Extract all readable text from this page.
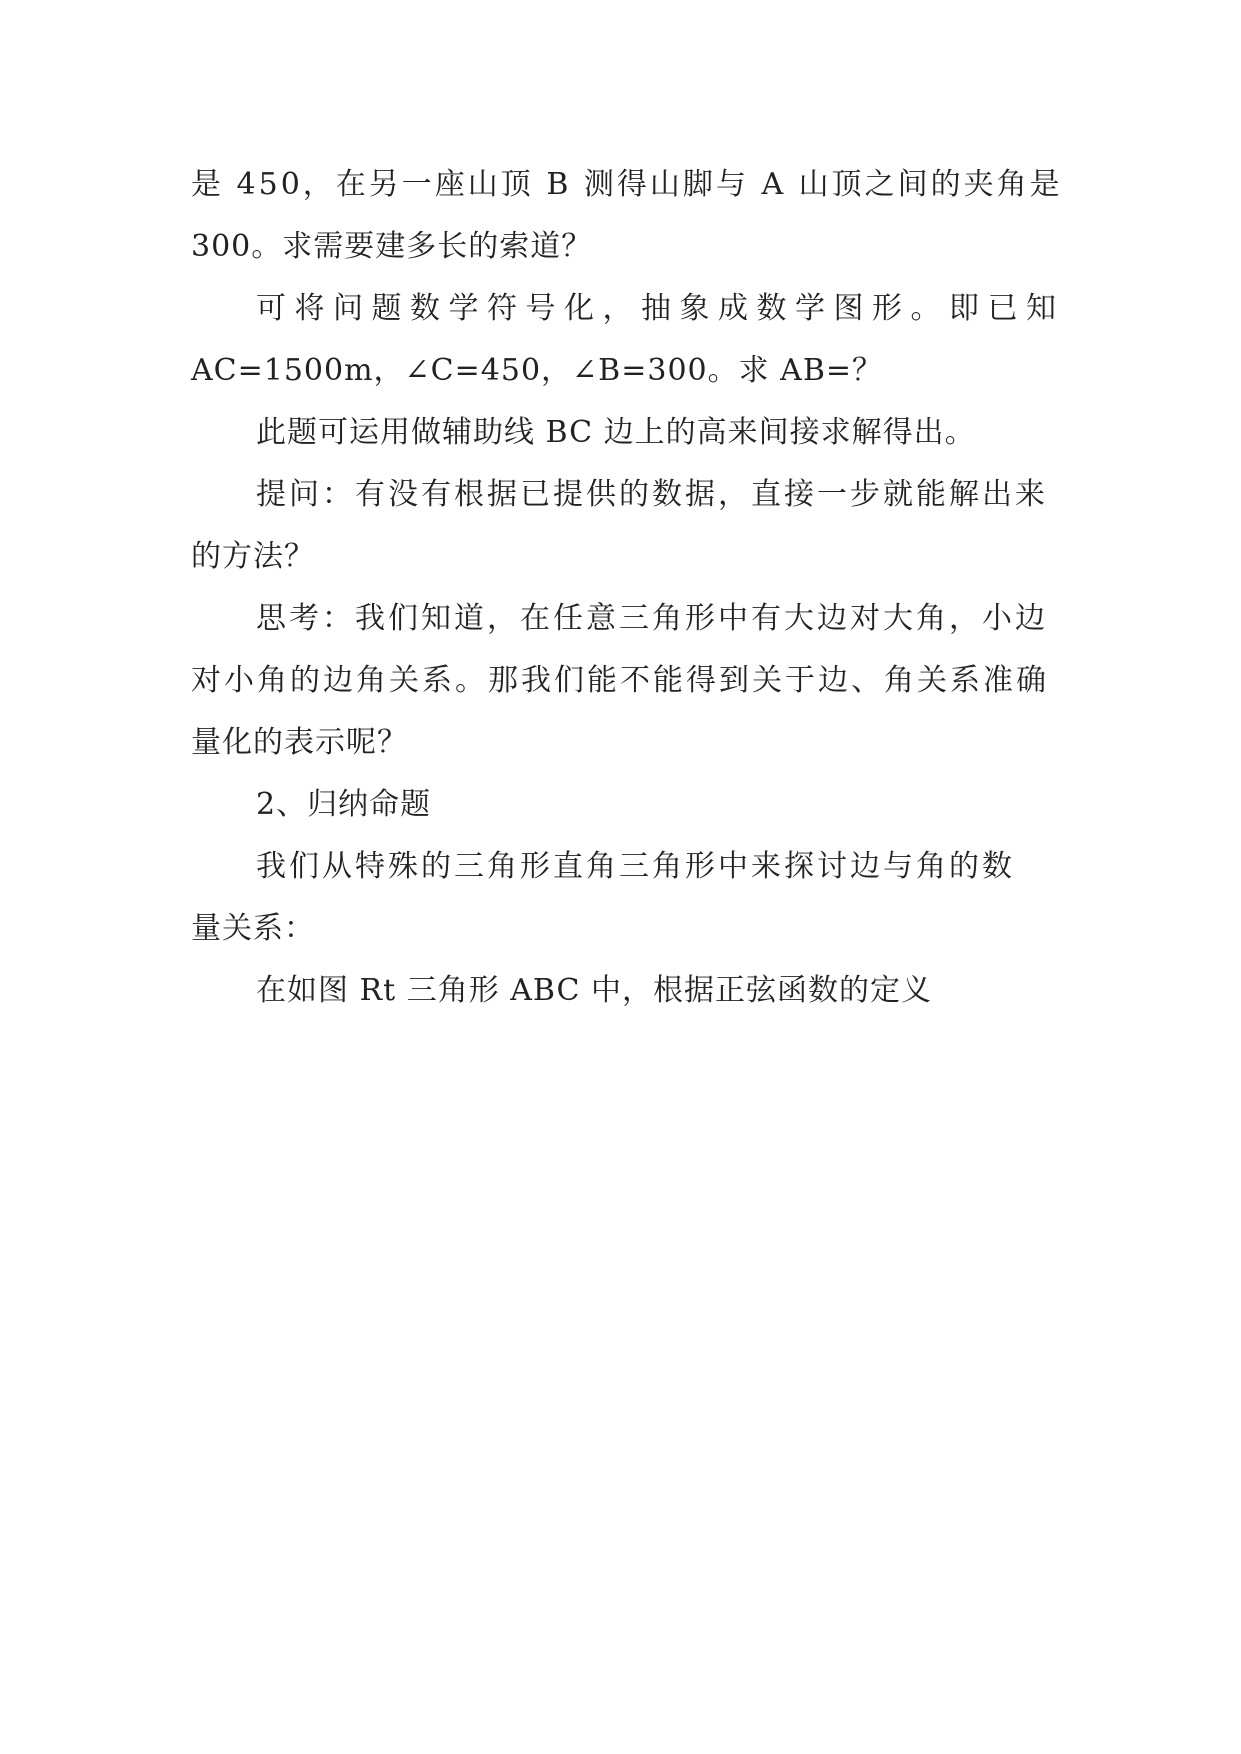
是 450，在另一座山顶 B 测得山脚与 A 山顶之间的夹角是
300。求需要建多长的索道？
可将问题数学符号化，抽象成数学图形。即已知
AC=1500m，∠C=450，∠B=300。求 AB=？
此题可运用做辅助线 BC 边上的高来间接求解得出。
提问：有没有根据已提供的数据，直接一步就能解出来
的方法？
思考：我们知道，在任意三角形中有大边对大角，小边
对小角的边角关系。那我们能不能得到关于边、角关系准确
量化的表示呢？
2、归纳命题
我们从特殊的三角形直角三角形中来探讨边与角的数
量关系：
在如图 Rt 三角形 ABC 中，根据正弦函数的定义
